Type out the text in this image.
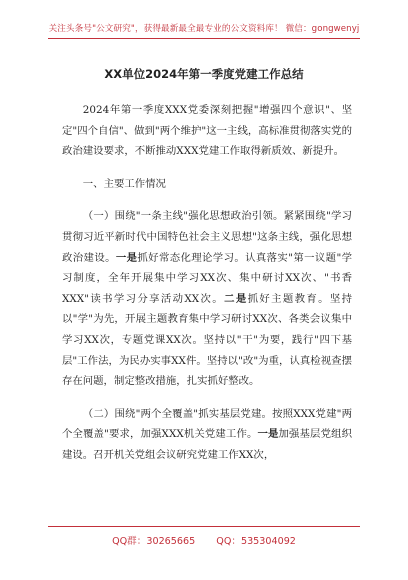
关注头条号"公文研究"，获得最新最全最专业的公文资料库！ 微信：gongwenyj
XX单位2024年第一季度党建工作总结

2024年第一季度XXX党委深刻把握"增强四个意识"、坚定"四个自信"、做到"两个维护"这一主线，高标准贯彻落实党的政治建设要求，不断推动XXX党建工作取得新质效、新提升。

一、主要工作情况

（一）围绕"一条主线"强化思想政治引领。紧紧围绕"学习贯彻习近平新时代中国特色社会主义思想"这条主线，强化思想政治建设。一是抓好常态化理论学习。认真落实"第一议题"学习制度，全年开展集中学习XX次、集中研讨XX次、"书香XXX"读书学习分享活动XX次。二是抓好主题教育。坚持以"学"为先，开展主题教育集中学习研讨XX次、各类会议集中学习XX次，专题党课XX次。坚持以"干"为要，践行"四下基层"工作法，为民办实事XX件。坚持以"改"为重，认真检视查摆存在问题，制定整改措施，扎实抓好整改。

（二）围绕"两个全覆盖"抓实基层党建。按照XXX党建"两个全覆盖"要求，加强XXX机关党建工作。一是加强基层党组织建设。召开机关党组会议研究党建工作XX次，

QQ群：30265665 QQ：535304092
